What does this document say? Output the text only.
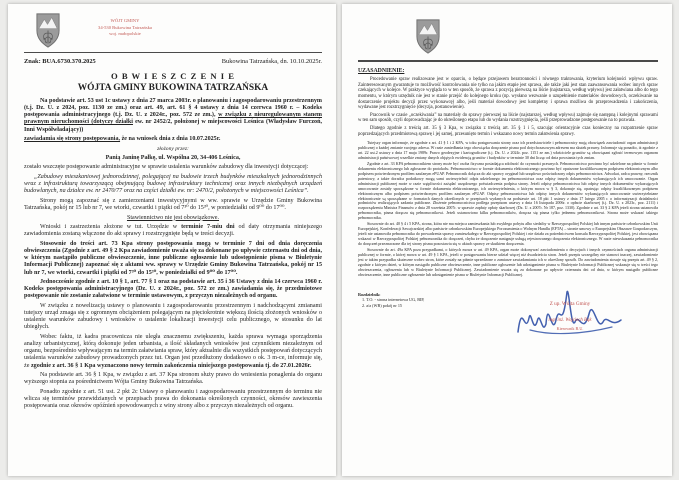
WÓJT GMINY
34-530 Bukowina Tatrzańska
woj. małopolskie
Znak: BUA.6730.370.2025	Bukowina Tatrzańska, dn. 10.10.2025r.
O B W I E S Z C Z E N I E
WÓJTA GMINY BUKOWINA TATRZAŃSKA

Na podstawie art. 53 ust 1c ustawy z dnia 27 marca 2003r. o planowaniu i zagospodarowaniu przestrzennym (t.j. Dz. U. z 2024, poz. 1130 ze zm.) oraz art. 49, art. 61 § 4 ustawy z dnia 14 czerwca 1960 r. – Kodeks postępowania administracyjnego (t.j. Dz. U. z 2024r., poz. 572 ze zm.), w związku z nieuregulowanym stanem prawnym nieruchomości (dotyczy działki ew. nr 2452/2, położonej w miejscowości Leśnica (Władysław Furczoń, Inni Współwładający))

zawiadamia się strony postępowania, że na wniosek dnia z dnia 10.07.2025r.

złożony przez:

Panią Janinę Pałkę, ul. Wspólna 20, 34-406 Leśnica,

zostało wszczęte postępowanie administracyjne w sprawie ustalenia warunków zabudowy dla inwestycji dotyczącej:

„Zabudowy mieszkaniowej jednorodzinnej, polegającej na budowie trzech budynków mieszkalnych jednorodzinnych wraz z infrastrukturą towarzyszącą obejmującą budowę infrastruktury technicznej oraz innych niezbędnych urządzeń budowlanych, na działce ew. nr 2470/77 oraz na części działki ew. nr: 2470/2, położonych w miejscowości Leśnica”.

Strony mogą zapoznać się z zamierzeniami inwestycyjnymi w ww. sprawie w Urzędzie Gminy Bukowina Tatrzańska, pokój nr 15 lub nr 7, we wtorki, czwartki i piątki od 7³⁰ do 15³⁰, w poniedziałki od 9⁰⁰ do 17⁰⁰.

Stawiennictwo nie jest obowiązkowe.

Wnioski i zastrzeżenia złożone w tut. Urzędzie w terminie 7-miu dni od daty otrzymania niniejszego zawiadomienia zostaną włączone do akt sprawy i rozstrzygnięte będą w treści decyzji.

Stosownie do treści art. 73 Kpa strony postępowania mogą w terminie 7 dni od dnia doręczenia obwieszczenia (Zgodnie z art. 49 § 2 Kpa zawiadomienie uważa się za dokonane po upływie czternastu dni od dnia, w którym nastąpiło publiczne obwieszczenie, inne publiczne ogłoszenie lub udostępnienie pisma w Biuletynie Informacji Publicznej) zapoznać się z aktami ww. sprawy w Urzędzie Gminy Bukowina Tatrzańska, pokój nr 15 lub nr 7, we wtorki, czwartki i piątki od 7³⁰ do 15³⁰, w poniedziałki od 9⁰⁰ do 17⁰⁰.

Jednocześnie zgodnie z art. 10 § 1, art. 77 § 1 oraz na podstawie art. 35 i 36 Ustawy z dnia 14 czerwca 1960 r. Kodeks postępowania administracyjnego (Dz. U. z 2024r., poz. 572 ze zm.) zawiadamia się, że przedmiotowe postępowanie nie zostanie załatwione w terminie ustawowym, z przyczyn niezależnych od organu.

W związku z nowelizacją ustawy o planowaniu i zagospodarowaniu przestrzennym i nadchodzącymi zmianami tutejszy urząd zmaga się z ogromnym obciążeniem polegającym na pięciokrotnie większą ilością złożonych wniosków o ustalenie warunków zabudowy i wniosków o ustalenie lokalizacji inwestycji celu publicznego, w stosunku do lat ubiegłych.

Wobec faktu, iż kadra pracownicza nie uległa znacznemu zwiększeniu, każda sprawa wymaga sporządzenia analizy urbanistycznej, którą dokonuje jeden urbanista, a ilość składanych wniosków jest czynnikiem niezależnym od organu, bezpośrednio wpływającym na termin załatwiania spraw, który aktualnie dla wszystkich postępowań dotyczących ustalenia warunków zabudowy prowadzonych przez tut. Organ jest przedłużony dodatkowo o ok. 3 m-ce, informuje się, że zgodnie z art. 36 § 1 Kpa wyznaczono nowy termin zakończenia niniejszego postępowania tj. do 27.01.2026r.

Na podstawie art. 36 § 1 Kpa, w związku z art. 37 Kpa stronom służy prawo do wniesienia ponaglenia do organu wyższego stopnia za pośrednictwem Wójta Gminy Bukowina Tatrzańska.

Ponadto zgodnie z art. 51 ust. 2 pkt 2c Ustawy o planowaniu i zagospodarowaniu przestrzennym do terminu nie wlicza się terminów przewidzianych w przepisach prawa do dokonania określonych czynności, okresów zawieszenia postępowania oraz okresów opóźnień spowodowanych z winy strony albo z przyczyn niezależnych od organu.

UZASADNIENIE:

Procedowanie spraw realizowane jest w oparciu, o będące przejawem bezstronności i równego traktowania, kryterium kolejności wpływu spraw. Zainteresowanym gwarantuje to możliwość kontrolowania nie tylko na jakim etapie jest sprawa, ale także jaki jest stan zaawansowania wobec innych spraw czekających w kolejce. W praktyce wygląda to w ten sposób, że sprawa z pozycją pierwszą na liście (najstarsza, według wpływu) jest załatwiana albo do tego momentu, w którym urzędnik nie jest w stanie przejść do kolejnego kroku (np. wysłano wezwanie o uzupełnienie materiałów dowodowych, oczekiwanie na dostarczenie projektu decyzji przez wykonawcę) albo, jeśli materiał dowodowy jest kompletny i sprawa możliwa do przeprowadzenia i zakończenia, wydawane jest rozstrzygnięcie (decyzja, postanowienie).

Pracownik w czasie „oczekiwania” na materiały do sprawy pierwszej na liście (najstarszej, według wpływu) zajmuje się następną i kolejnymi sprawami w ten sam sposób, czyli doprowadzając je do określonego etapu lub do wydania rozstrzygnięcia, jeśli przeprowadzone postępowanie na to pozwala.

Dlatego zgodnie z treścią art. 35 § 3 Kpa, w związku z treścią art. 35 § 1 i 5, szacując orientacyjnie czas konieczny na rozpatrzenie spraw poprzedzających przedmiotową sprawę i jej samej, przesunięto termin i wskazano nowy termin załatwienia sprawy.

Tutejszy organ informuje, że zgodnie z art. 41 § 1 i 2 KPA, w toku postępowania strony oraz ich przedstawiciele i pełnomocnicy mają obowiązek zawiadomić organ administracji publicznej o każdej zmianie swojego adresu. W razie zaniedbania tego obowiązku doręczenie pisma pod dotychczasowym adresem ma skutek prawny. Informuje się ponadto, iż zgodnie z art. 22 ust.2 ustawy z dnia 17 maja 1989r. Prawo geodezyjne i kartograficzne (t.j. Dz. U. z 2024r. poz. 1151 ze zm.) właściciele gruntów są obowiązani zgłosić terenowym organom administracji państwowej wszelkie zmiany danych objętych ewidencją gruntów i budynków w terminie 30 dni licząc od dnia powstania tych zmian.

Zgodnie z art. 33 KPA pełnomocnikiem strony może być osoba fizyczna posiadająca zdolność do czynności prawnych. Pełnomocnictwo powinno być udzielone na piśmie w formie dokumentu elektronicznego lub zgłoszone do protokołu. Pełnomocnictwo w formie dokumentu elektronicznego powinno być opatrzone kwalifikowanym podpisem elektronicznym albo podpisem potwierdzonym profilem zaufanym ePUAP. Pełnomocnik dołącza do akt sprawy oryginał lub urzędowo poświadczony odpis pełnomocnictwa. Adwokat, radca prawny, rzecznik patentowy, a także doradca podatkowy mogą sami uwierzytelnić odpis udzielonego im pełnomocnictwa oraz odpisy innych dokumentów wykazujących ich umocowanie. Organ administracji publicznej może w razie wątpliwości zażądać urzędowego poświadczenia podpisu strony. Jeżeli odpisy pełnomocnictwa lub odpisy innych dokumentów wykazujących umocowanie zostały sporządzone w formie dokumentu elektronicznego, ich uwierzytelnienia, o którym mowa w § 3, dokonuje się, opatrując odpisy kwalifikowanym podpisem elektronicznym albo podpisem potwierdzonym profilem zaufanym ePUAP. Odpisy pełnomocnictwa lub odpisy innych dokumentów wykazujących umocowanie uwierzytelniane elektronicznie są sporządzane w formatach danych określonych w przepisach wydanych na podstawie art. 18 pkt 1 ustawy z dnia 17 lutego 2005 r. o informatyzacji działalności podmiotów realizujących zadania publiczne. Złożenie pełnomocnictwa podlega przepisom ustawy z dnia 16 listopada 2006r. o opłacie skarbowej (t.j. Dz. U. z 2023r., poz. 2111) i rozporządzeniu Ministra Finansów z dnia 28 września 2007r. w sprawie zapłaty opłaty skarbowej (Dz. U. z 2007r. Nr 187, poz. 1330). Zgodnie z art. 33 § 2 KPA jeżeli strona ustanowiła pełnomocnika, pisma doręcza się pełnomocnikowi. Jeżeli ustanowiono kilku pełnomocników, doręcza się pisma tylko jednemu pełnomocnikowi. Strona może wskazać takiego pełnomocnika.

Stosownie do art. 40 § 4 i 5 KPA, strona, która nie ma miejsca zamieszkania lub zwykłego pobytu albo siedziby w Rzeczypospolitej Polskiej lub innym państwie członkowskim Unii Europejskiej, Konfederacji Szwajcarskiej albo państwie członkowskim Europejskiego Porozumienia o Wolnym Handlu (EFTA) – stronie umowy o Europejskim Obszarze Gospodarczym, jeżeli nie ustanowiła pełnomocnika do prowadzenia sprawy zamieszkałego w Rzeczypospolitej Polskiej i nie działa za pośrednictwem konsula Rzeczypospolitej Polskiej, jest obowiązana wskazać w Rzeczypospolitej Polskiej pełnomocnika do doręczeń, chyba że doręczenie następuje usługą rejestrowanego doręczenia elektronicznego. W razie niewskazania pełnomocnika do doręczeń przeznaczone dla tej strony pisma pozostawia się w aktach sprawy ze skutkiem doręczenia.

Stosownie do art. 49a KPA poza przypadkami, o których mowa w art. 49 KPA, organ może dokonywać zawiadomienia o decyzjach i innych czynnościach organu administracji publicznej w formie, o której mowa w art. 49 § 1 KPA, jeżeli w postępowaniu bierze udział więcej niż dwadzieścia stron. Jeżeli przepis szczególny nie stanowi inaczej, zawiadomienie jest w takim przypadku skuteczne wobec stron, które zostały na piśmie uprzedzone o zamiarze zawiadamiania ich w określony sposób. Do zawiadomienia stosuje się przepis art. 49 § 2, zgodnie z którym dzień, w którym nastąpiło publiczne obwieszczenie, inne publiczne ogłoszenie lub udostępnienie pisma w Biuletynie Informacji Publicznej wskazuje się w treści tego obwieszczenia, ogłoszenia lub w Biuletynie Informacji Publicznej. Zawiadomienie uważa się za dokonane po upływie czternastu dni od dnia, w którym nastąpiło publiczne obwieszczenie, inne publiczne ogłoszenie lub udostępnienie pisma w Biuletynie Informacji Publicznej.

Rozdzielnik:
1. T.O. - strona internetowa UG, BIP,
2. a/a (WB) pokój nr 15	Z up. Wójta Gminy
mgr inż. Wojciech Bąk
Kierownik B.U.
